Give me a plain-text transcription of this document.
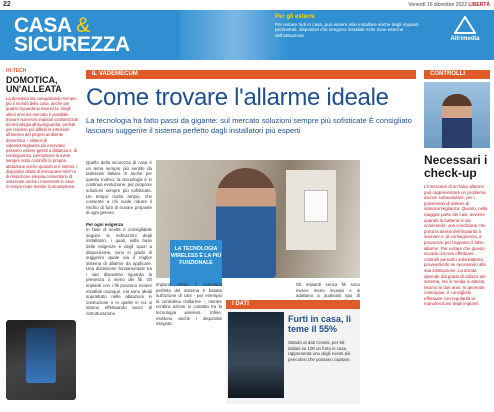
22	Venerdì 16 dicembre 2022 LIBERTÀ
CASA &
SICUREZZA
Per gli esterni
Per evitare furti in casa, può essere utile installare anche degli impianti perimetrali, dispositivi che vengono installati nelle zone esterne dell'abitazione.

Allrimedia
HI-TECH
DOMOTICA, UN'ALLEATA

La domotica sta conquistando sempre più il mondo della casa, anche per quanto riguarda la sicurezza. Negli ultimi anni sul mercato è possibile trovare numerosi impianti caratterizzati da tecnologia all'avanguardia, perfetti per rendere più difficili le intrusioni all'interno del proprio ambiente domestico. I sistemi di videosorveglianza più innovativi possono essere gestiti a distanza e, di conseguenza, permettono di avere sempre sotto controllo la propria abitazione anche quando si è lontani. I dispositivi dotati di telecamere Wi-Fi e di risoluzione elevata consentono di osservare anche i movimenti in casa in tempo reale tramite lo smartphone.

IL VADEMECUM
Come trovare l'allarme ideale
La tecnologia ha fatto passi da gigante: sul mercato soluzioni sempre più sofisticate È consigliato lasciarsi suggerire il sistema perfetto dagli installatori più esperti
Quello della sicurezza di casa è un tema sempre più sentito da tantissimi italiani. E anche per questo motivo, la tecnologia è in continua evoluzione, per proporre soluzioni sempre più sofisticate. Un tempo molto ampio, che consente a chi vuole ridurre il rischio di furti di trovare proposte di ogni genere.

Per ogni esigenza
In fase di scelta è consigliabile seguire le indicazioni degli installatori, i quali, sulla base delle esigenze e degli spazi a disposizione, sono in grado di suggerire quale sia il miglior sistema di allarme da applicare. Una distinzione fondamentale tra i vari dispositivi riguarda la presenza o meno dei fili. Gli impianti con i fili possono essere installati ovunque, ma sono ideali soprattutto nelle abitazioni in costruzione o in quelle in cui si stanno effettuando lavori di ristrutturazione.
LA TECNOLOGIA WIRELESS È LA PIÙ FUNZIONALE
impianti miniti, il eseioluna perfetta del sistema è basata sull'azione di casi - per esempio la centralina d'allarme -, mentre un'altra azione si contatta tra la tecnologia wireless. Infine, esistono anche i dispositivi integrati.
Gli impianti senza fili sono invece meno invasivi e si adattano a qualsiasi tipo di
I DATI
Furti in casa, li teme il 55%
Stando ai dati Censis, per 55 italiani su 100 un furto in casa rappresenta uno degli eventi più pericolosi che possano capitare.
CONTROLLI
Necessari i check-up
L'innescarsi di un falso allarme può rappresentare un problema da non sottovalutare, per i possessori di sistemi di videosorveglianza. Questo, nella maggior parte dei casi, avviene quando la batteria si sta scaricando: una condizione che porta la sirena dell'impianto a suonare e, di conseguenza, a provocare per l'appunto il falso allarme. Per evitare che questo accada occorre effettuare controlli periodici sulla batteria, provvedendo se necessario alla sua sostituzione. La durata dipende dal grado di utilizzo del sistema, ma in media si attesta intorno ai due anni. In generale, comunque, è consigliato effettuare con regolarità la manutenzione degli impianti.
